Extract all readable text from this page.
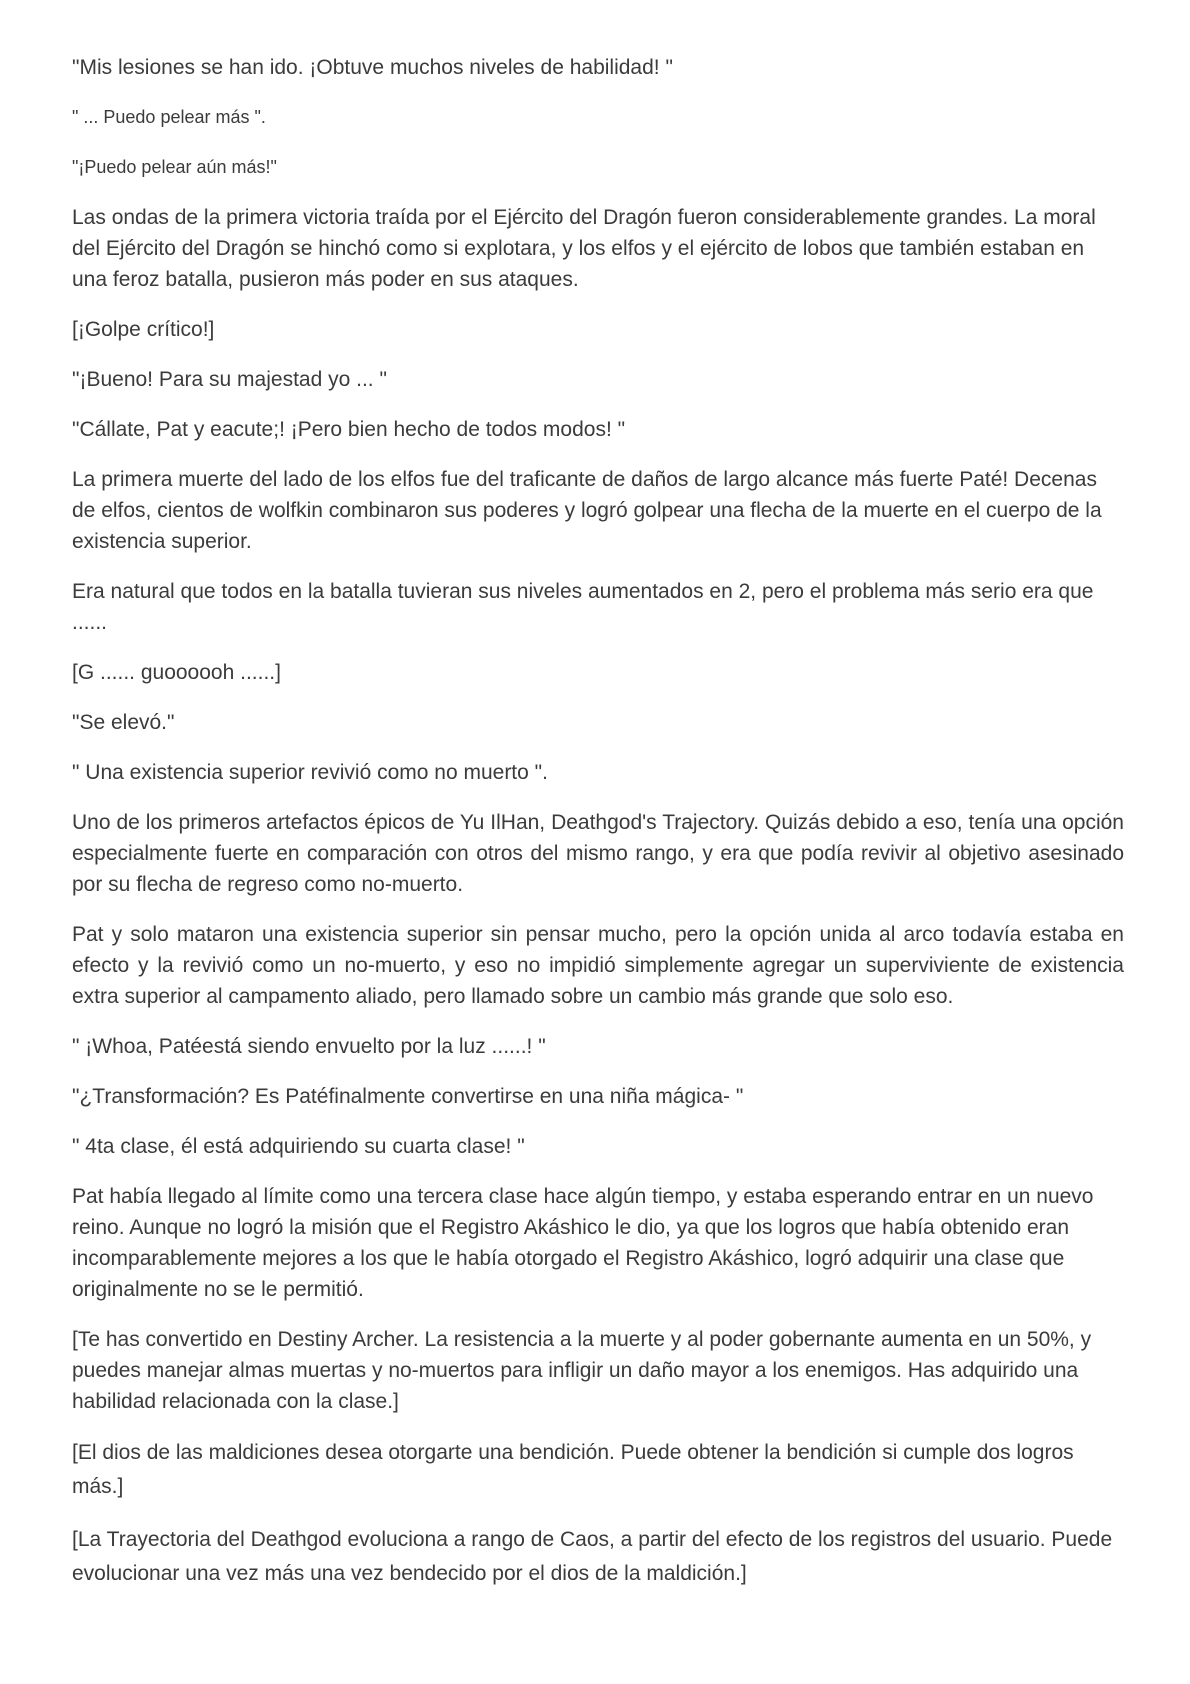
"Mis lesiones se han ido. ¡Obtuve muchos niveles de habilidad! "

" ... Puedo pelear más ".

"¡Puedo pelear aún más!"

Las ondas de la primera victoria traída por el Ejército del Dragón fueron considerablemente grandes. La moral del Ejército del Dragón se hinchó como si explotara, y los elfos y el ejército de lobos que también estaban en una feroz batalla, pusieron más poder en sus ataques.

[¡Golpe crítico!]

"¡Bueno! Para su majestad yo ... "

"Cállate, Pat y eacute;! ¡Pero bien hecho de todos modos! "

La primera muerte del lado de los elfos fue del traficante de daños de largo alcance más fuerte Paté! Decenas de elfos, cientos de wolfkin combinaron sus poderes y logró golpear una flecha de la muerte en el cuerpo de la existencia superior.

Era natural que todos en la batalla tuvieran sus niveles aumentados en 2, pero el problema más serio era que ......

[G ...... guoooooh ......]

"Se elevó."

" Una existencia superior revivió como no muerto ".

Uno de los primeros artefactos épicos de Yu IlHan, Deathgod's Trajectory. Quizás debido a eso, tenía una opción especialmente fuerte en comparación con otros del mismo rango, y era que podía revivir al objetivo asesinado por su flecha de regreso como no-muerto.

Pat y solo mataron una existencia superior sin pensar mucho, pero la opción unida al arco todavía estaba en efecto y la revivió como un no-muerto, y eso no impidió simplemente agregar un superviviente de existencia extra superior al campamento aliado, pero llamado sobre un cambio más grande que solo eso.

" ¡Whoa, Patéestá siendo envuelto por la luz ......! "

"¿Transformación? Es Patéfinalmente convertirse en una niña mágica- "

" 4ta clase, él está adquiriendo su cuarta clase! "

Pat había llegado al límite como una tercera clase hace algún tiempo, y estaba esperando entrar en un nuevo reino. Aunque no logró la misión que el Registro Akáshico le dio, ya que los logros que había obtenido eran incomparablemente mejores a los que le había otorgado el Registro Akáshico, logró adquirir una clase que originalmente no se le permitió.

[Te has convertido en Destiny Archer. La resistencia a la muerte y al poder gobernante aumenta en un 50%, y puedes manejar almas muertas y no-muertos para infligir un daño mayor a los enemigos. Has adquirido una habilidad relacionada con la clase.]

[El dios de las maldiciones desea otorgarte una bendición. Puede obtener la bendición si cumple dos logros más.]

[La Trayectoria del Deathgod evoluciona a rango de Caos, a partir del efecto de los registros del usuario. Puede evolucionar una vez más una vez bendecido por el dios de la maldición.]
